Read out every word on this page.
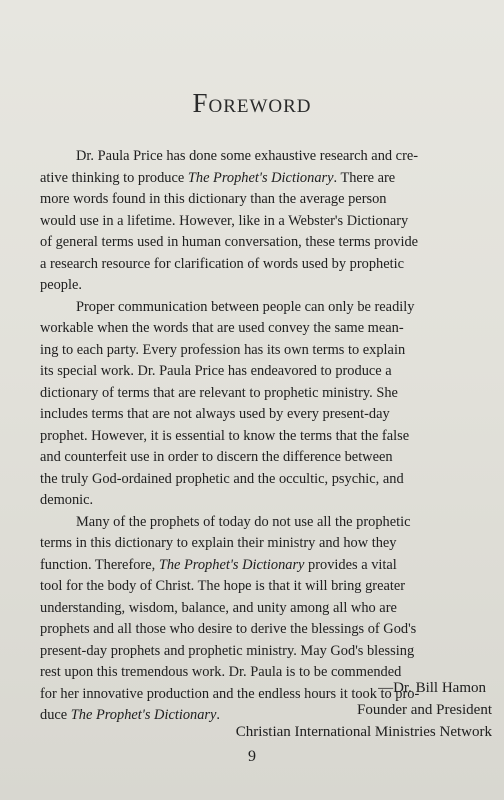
Foreword
Dr. Paula Price has done some exhaustive research and cre-
ative thinking to produce The Prophet's Dictionary. There are
more words found in this dictionary than the average person
would use in a lifetime. However, like in a Webster's Dictionary
of general terms used in human conversation, these terms provide
a research resource for clarification of words used by prophetic
people.
Proper communication between people can only be readily
workable when the words that are used convey the same mean-
ing to each party. Every profession has its own terms to explain
its special work. Dr. Paula Price has endeavored to produce a
dictionary of terms that are relevant to prophetic ministry. She
includes terms that are not always used by every present-day
prophet. However, it is essential to know the terms that the false
and counterfeit use in order to discern the difference between
the truly God-ordained prophetic and the occultic, psychic, and
demonic.
Many of the prophets of today do not use all the prophetic
terms in this dictionary to explain their ministry and how they
function. Therefore, The Prophet's Dictionary provides a vital
tool for the body of Christ. The hope is that it will bring greater
understanding, wisdom, balance, and unity among all who are
prophets and all those who desire to derive the blessings of God's
present-day prophets and prophetic ministry. May God's blessing
rest upon this tremendous work. Dr. Paula is to be commended
for her innovative production and the endless hours it took to pro-
duce The Prophet's Dictionary.
—Dr. Bill Hamon
Founder and President
Christian International Ministries Network
9
